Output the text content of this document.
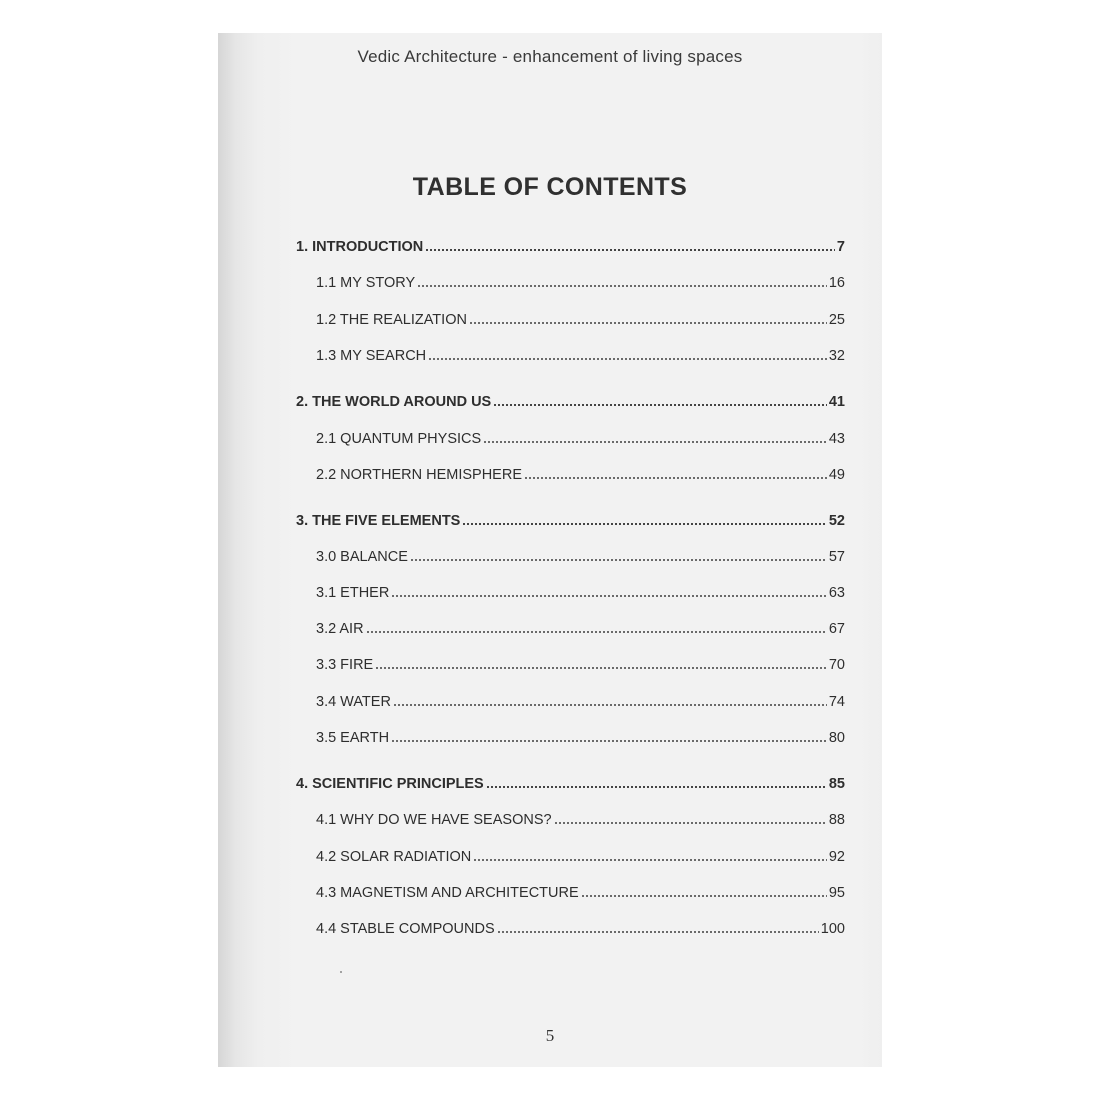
Vedic Architecture - enhancement of living spaces
TABLE OF CONTENTS
1. INTRODUCTION	7
1.1 MY STORY	16
1.2 THE REALIZATION	25
1.3 MY SEARCH	32
2. THE WORLD AROUND US	41
2.1 QUANTUM PHYSICS	43
2.2 NORTHERN HEMISPHERE	49
3. THE FIVE ELEMENTS	52
3.0 BALANCE	57
3.1 ETHER	63
3.2 AIR	67
3.3 FIRE	70
3.4 WATER	74
3.5 EARTH	80
4. SCIENTIFIC PRINCIPLES	85
4.1 WHY DO WE HAVE SEASONS?	88
4.2 SOLAR RADIATION	92
4.3 MAGNETISM AND ARCHITECTURE	95
4.4 STABLE COMPOUNDS	100
5
